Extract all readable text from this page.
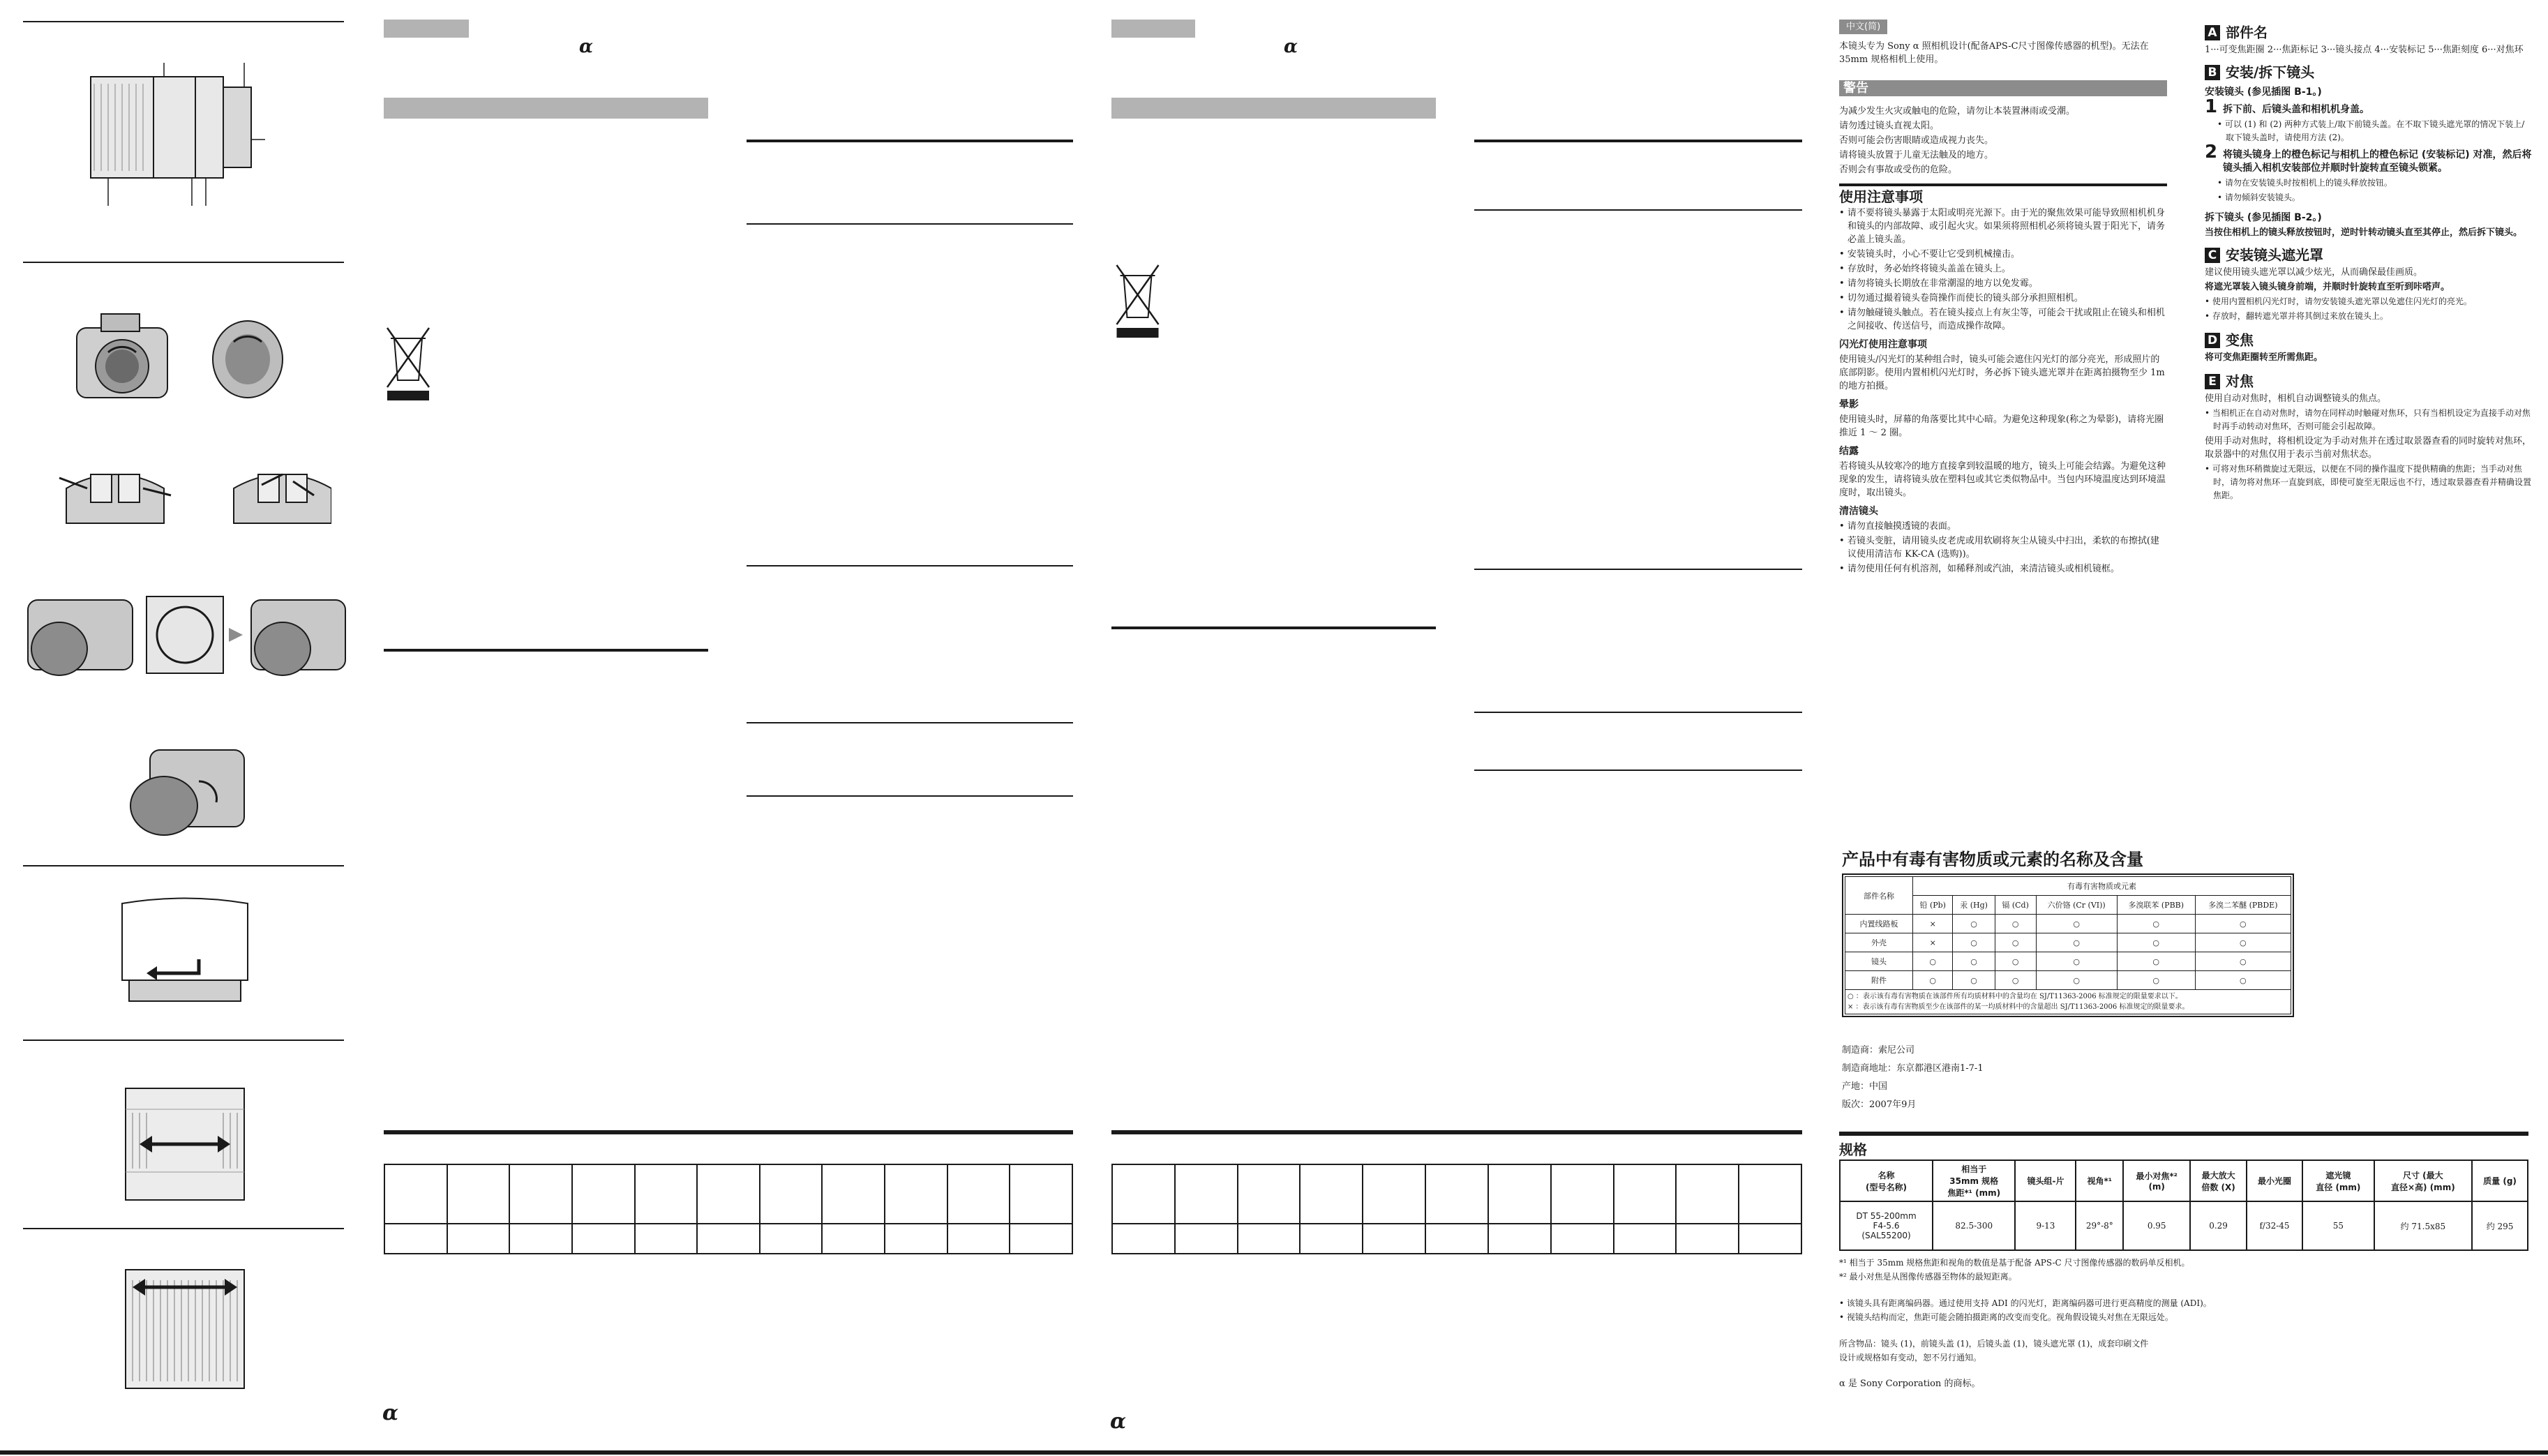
α

α
α

α
中文(简)

本镜头专为 Sony α 照相机设计(配备APS-C尺寸图像传感器的机型)。无法在 35mm 规格相机上使用。

警告

为减少发生火灾或触电的危险，请勿让本装置淋雨或受潮。

请勿透过镜头直视太阳。

否则可能会伤害眼睛或造成视力丧失。

请将镜头放置于儿童无法触及的地方。

否则会有事故或受伤的危险。

使用注意事项

• 请不要将镜头暴露于太阳或明亮光源下。由于光的聚焦效果可能导致照相机机身和镜头的内部故障、或引起火灾。如果须将照相机必须将镜头置于阳光下，请务必盖上镜头盖。

• 安装镜头时，小心不要让它受到机械撞击。

• 存放时，务必始终将镜头盖盖在镜头上。

• 请勿将镜头长期放在非常潮湿的地方以免发霉。

• 切勿通过撮着镜头卷筒操作而使长的镜头部分承担照相机。

• 请勿触碰镜头触点。若在镜头接点上有灰尘等，可能会干扰或阻止在镜头和相机之间接收、传送信号，而造成操作故障。

闪光灯使用注意事项

使用镜头/闪光灯的某种组合时，镜头可能会遮住闪光灯的部分亮光，形成照片的底部阴影。使用内置相机闪光灯时，务必拆下镜头遮光罩并在距离拍摄物至少 1m 的地方拍摄。

晕影

使用镜头时，屏幕的角落要比其中心暗。为避免这种现象(称之为晕影)，请将光圈推近 1 ～ 2 圈。

结露

若将镜头从较寒冷的地方直接拿到较温暖的地方，镜头上可能会结露。为避免这种现象的发生，请将镜头放在塑料包或其它类似物品中。当包内环境温度达到环境温度时，取出镜头。

清洁镜头

• 请勿直接触摸透镜的表面。

• 若镜头变脏，请用镜头皮老虎或用软刷将灰尘从镜头中扫出，柔软的布擦拭(建议使用清洁布 KK-CA (选购))。

• 请勿使用任何有机溶剂，如稀释剂或汽油，来清洁镜头或相机镜框。

A 部件名

1···可变焦距圈 2···焦距标记 3···镜头接点 4···安装标记 5···焦距刻度 6···对焦环

B 安装/拆下镜头

安装镜头 (参见插图 B-1。)

1 拆下前、后镜头盖和相机机身盖。

• 可以 (1) 和 (2) 两种方式装上/取下前镜头盖。在不取下镜头遮光罩的情况下装上/取下镜头盖时，请使用方法 (2)。

2 将镜头镜身上的橙色标记与相机上的橙色标记 (安装标记) 对准，然后将镜头插入相机安装部位并顺时针旋转直至镜头锁紧。

• 请勿在安装镜头时按相机上的镜头释放按钮。

• 请勿倾斜安装镜头。

拆下镜头 (参见插图 B-2。)

当按住相机上的镜头释放按钮时，逆时针转动镜头直至其停止，然后拆下镜头。

C 安装镜头遮光罩

建议使用镜头遮光罩以减少炫光，从而确保最佳画质。

将遮光罩装入镜头镜身前端，并顺时针旋转直至听到咔嗒声。

• 使用内置相机闪光灯时，请勿安装镜头遮光罩以免遮住闪光灯的亮光。

• 存放时，翻转遮光罩并将其倒过来放在镜头上。

D 变焦

将可变焦距圈转至所需焦距。

E 对焦

使用自动对焦时，相机自动调整镜头的焦点。

• 当相机正在自动对焦时，请勿在同样动时触碰对焦环，只有当相机设定为直接手动对焦时再手动转动对焦环，否则可能会引起故障。

使用手动对焦时，将相机设定为手动对焦并在透过取景器查看的同时旋转对焦环，取景器中的对焦仅用于表示当前对焦状态。

• 可将对焦环稍微旋过无限远，以便在不同的操作温度下提供精确的焦距；当手动对焦时，请勿将对焦环一直旋到底，即使可旋至无限远也不行，透过取景器查看并精确设置焦距。

产品中有毒有害物质或元素的名称及含量
部件名称	有毒有害物质或元素					
	铅 (Pb)	汞 (Hg)	镉 (Cd)	六价铬 (Cr (VI))	多溴联苯 (PBB)	多溴二苯醚 (PBDE)
内置线路板	×	○	○	○	○	○
外壳	×	○	○	○	○	○
镜头	○	○	○	○	○	○
附件	○	○	○	○	○	○

○ ：表示该有毒有害物质在该部件所有均质材料中的含量均在 SJ/T11363-2006 标准规定的限量要求以下。
× ：表示该有毒有害物质至少在该部件的某一均质材料中的含量超出 SJ/T11363-2006 标准规定的限量要求。						
制造商：索尼公司
制造商地址：东京都港区港南1-7-1
产地：中国
版次：2007年9月
规格
名称
(型号名称)	相当于
35mm 规格
焦距*¹ (mm)	镜头组-片	视角*¹	最小对焦*²
(m)	最大放大
倍数 (X)	最小光圈	遮光镜
直径 (mm)	尺寸 (最大
直径×高) (mm)	质量 (g)
DT 55-200mm
F4-5.6
(SAL55200)	82.5-300	9-13	29°-8°	0.95	0.29	f/32-45	55	约 71.5x85	约 295
*¹ 相当于 35mm 规格焦距和视角的数值是基于配备 APS-C 尺寸图像传感器的数码单反相机。
*² 最小对焦是从图像传感器至物体的最短距离。
• 该镜头具有距离编码器。通过使用支持 ADI 的闪光灯，距离编码器可进行更高精度的测量 (ADI)。
• 视镜头结构而定，焦距可能会随拍摄距离的改变而变化。视角假设镜头对焦在无限远处。
所含物品：镜头 (1)，前镜头盖 (1)，后镜头盖 (1)，镜头遮光罩 (1)，成套印刷文件
设计或规格如有变动，恕不另行通知。
α 是 Sony Corporation 的商标。
